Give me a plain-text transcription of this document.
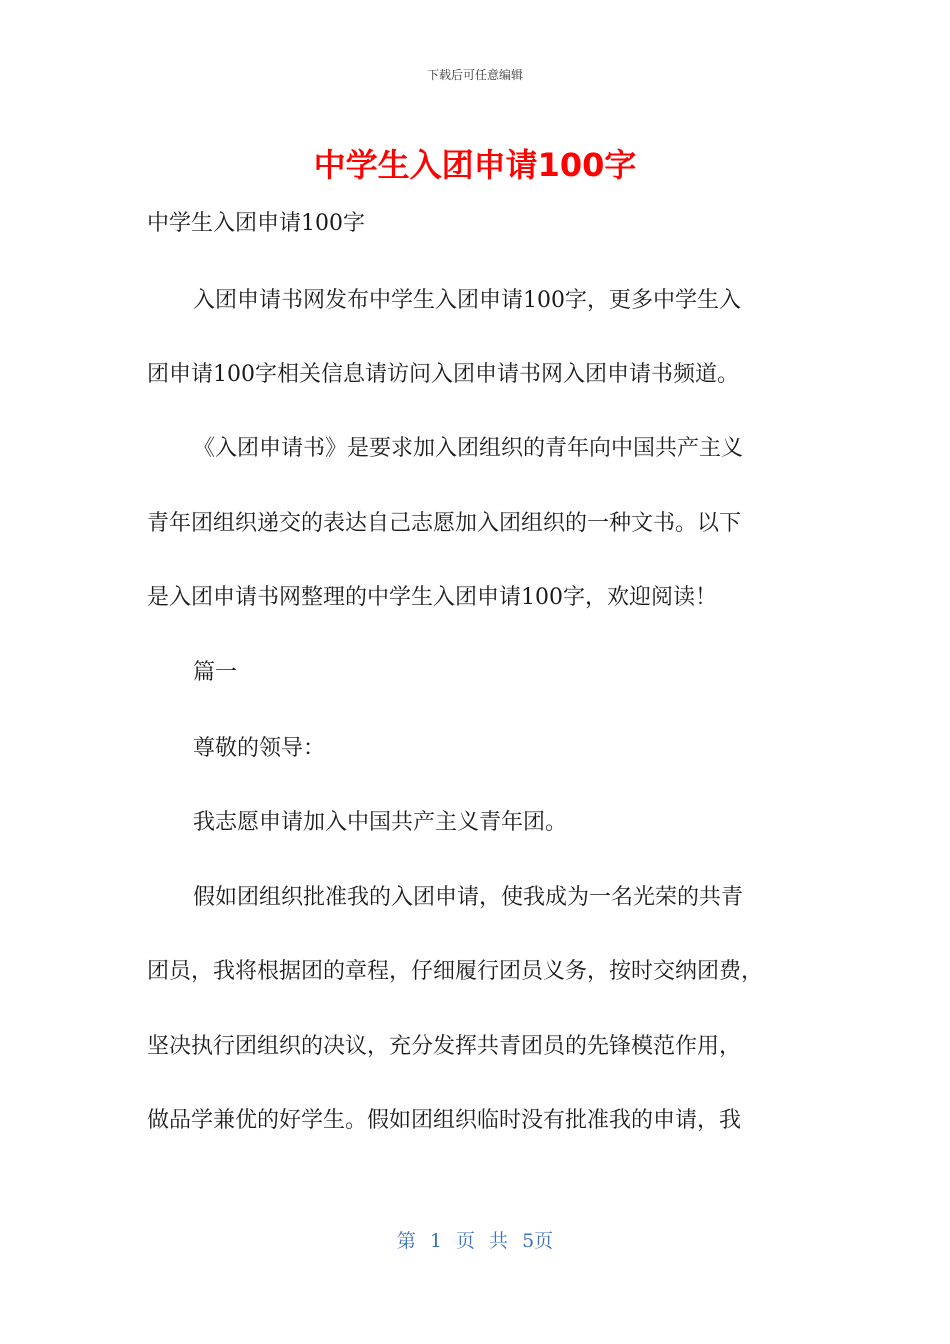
下载后可任意编辑
中学生入团申请100字
中学生入团申请100字
入团申请书网发布中学生入团申请100字，更多中学生入
团申请100字相关信息请访问入团申请书网入团申请书频道。
《入团申请书》是要求加入团组织的青年向中国共产主义
青年团组织递交的表达自己志愿加入团组织的一种文书。以下
是入团申请书网整理的中学生入团申请100字，欢迎阅读！
篇一
尊敬的领导：
我志愿申请加入中国共产主义青年团。
假如团组织批准我的入团申请，使我成为一名光荣的共青
团员，我将根据团的章程，仔细履行团员义务，按时交纳团费，
坚决执行团组织的决议，充分发挥共青团员的先锋模范作用，
做品学兼优的好学生。假如团组织临时没有批准我的申请，我
第 1 页 共 5页
